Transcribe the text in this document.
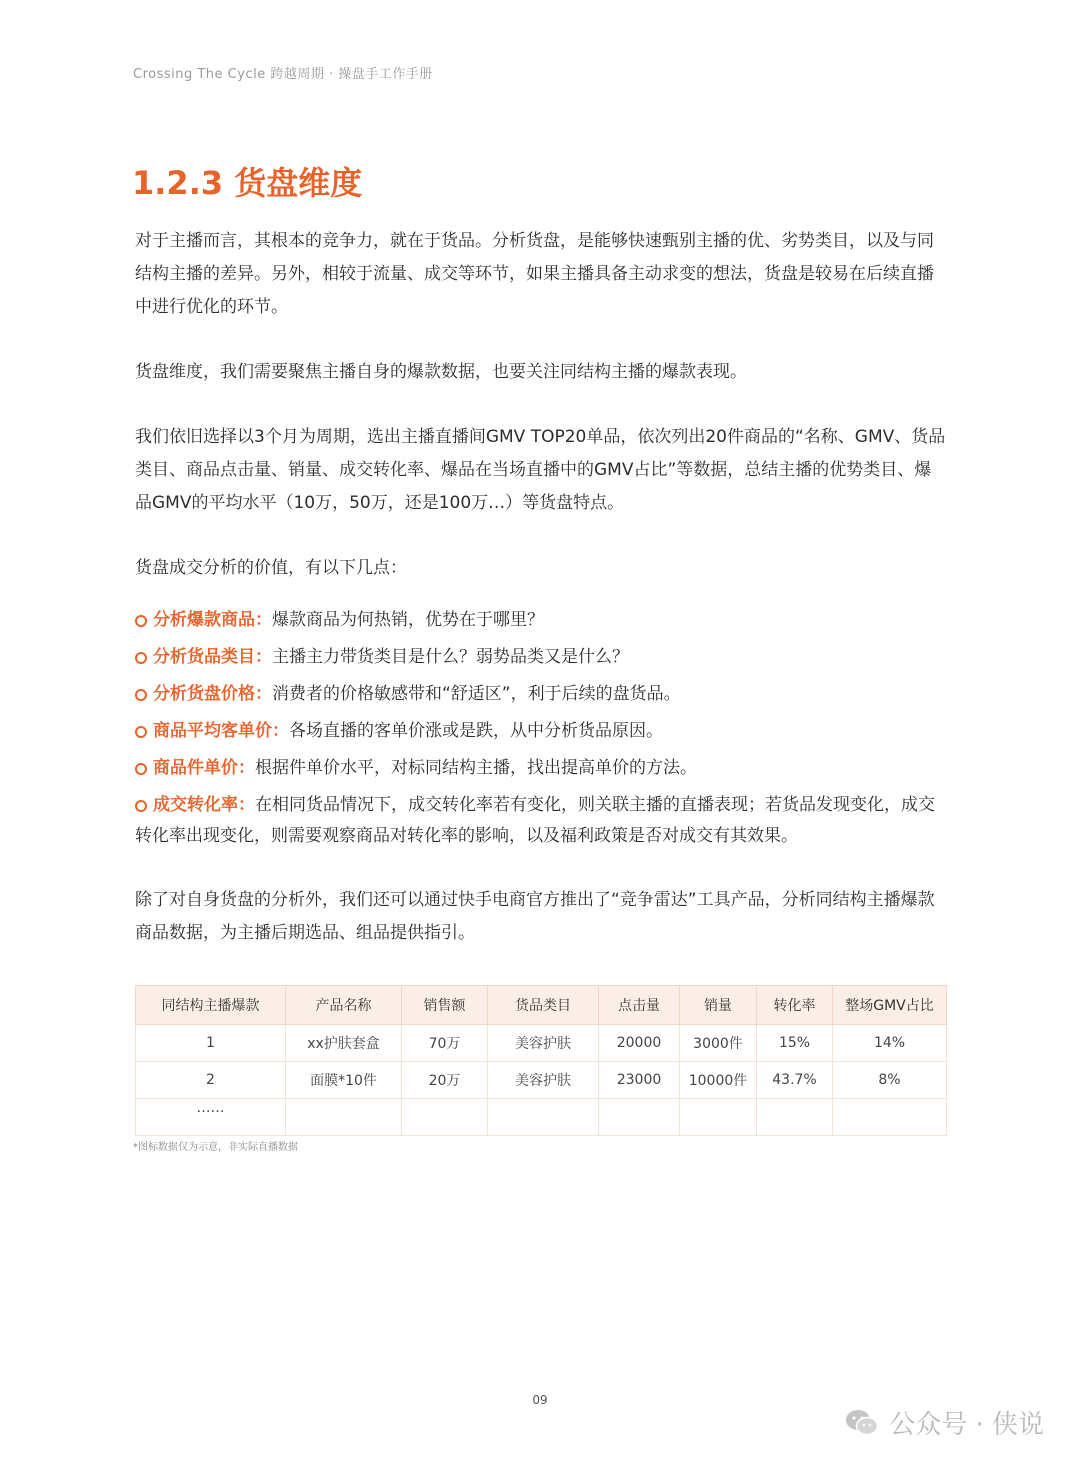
Crossing The Cycle 跨越周期 · 操盘手工作手册
1.2.3 货盘维度

对于主播而言，其根本的竞争力，就在于货品。分析货盘，是能够快速甄别主播的优、劣势类目，以及与同结构主播的差异。另外，相较于流量、成交等环节，如果主播具备主动求变的想法，货盘是较易在后续直播中进行优化的环节。

货盘维度，我们需要聚焦主播自身的爆款数据，也要关注同结构主播的爆款表现。

我们依旧选择以3个月为周期，选出主播直播间GMV TOP20单品，依次列出20件商品的“名称、GMV、货品类目、商品点击量、销量、成交转化率、爆品在当场直播中的GMV占比”等数据，总结主播的优势类目、爆品GMV的平均水平（10万，50万，还是100万…）等货盘特点。

货盘成交分析的价值，有以下几点：

分析爆款商品：爆款商品为何热销，优势在于哪里？
分析货品类目：主播主力带货类目是什么？弱势品类又是什么？
分析货盘价格：消费者的价格敏感带和“舒适区”，利于后续的盘货品。
商品平均客单价：各场直播的客单价涨或是跌，从中分析货品原因。
商品件单价：根据件单价水平，对标同结构主播，找出提高单价的方法。
成交转化率：在相同货品情况下，成交转化率若有变化，则关联主播的直播表现；若货品发现变化，成交转化率出现变化，则需要观察商品对转化率的影响，以及福利政策是否对成交有其效果。

除了对自身货盘的分析外，我们还可以通过快手电商官方推出了“竞争雷达”工具产品，分析同结构主播爆款商品数据，为主播后期选品、组品提供指引。

同结构主播爆款	产品名称	销售额	货品类目	点击量	销量	转化率	整场GMV占比
1	xx护肤套盒	70万	美容护肤	20000	3000件	15%	14%
2	面膜*10件	20万	美容护肤	23000	10000件	43.7%	8%
……							
*图标数据仅为示意，非实际直播数据
09
公众号 · 侠说
